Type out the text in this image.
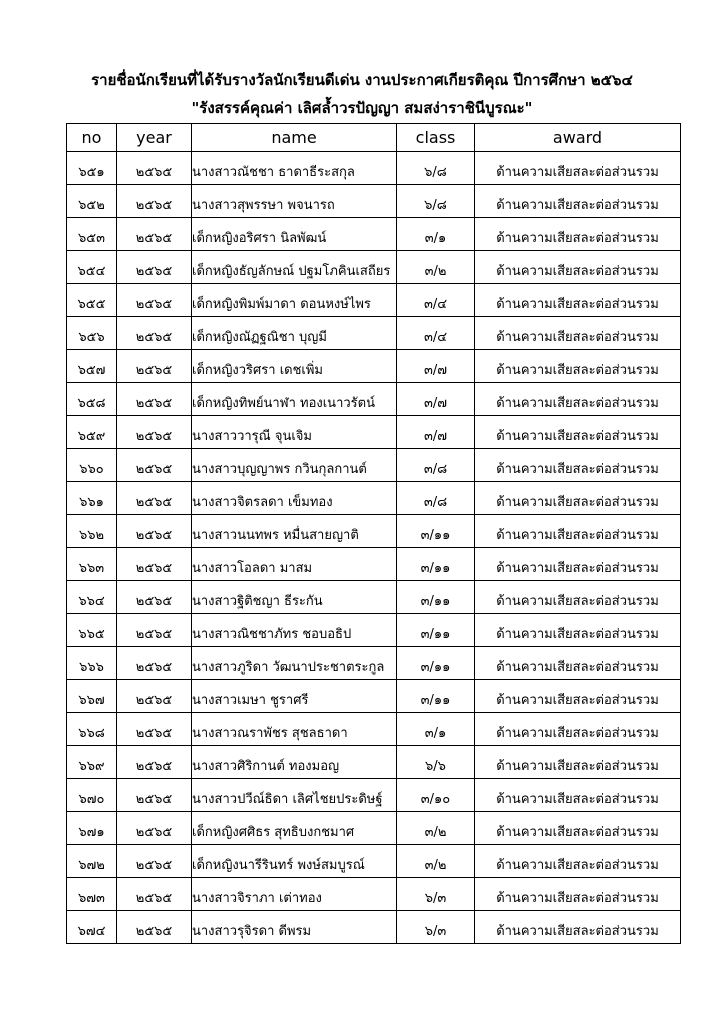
รายชื่อนักเรียนที่ได้รับรางวัลนักเรียนดีเด่น งานประกาศเกียรติคุณ ปีการศึกษา ๒๕๖๔
"รังสรรค์คุณค่า เลิศล้ำวรปัญญา สมสง่าราชินีบูรณะ"
no	year	name	class	award
๖๕๑	๒๕๖๕	นางสาวณัชชา ธาดาธีระสกุล	๖/๘	ด้านความเสียสละต่อส่วนรวม
๖๕๒	๒๕๖๕	นางสาวสุพรรษา พจนารถ	๖/๘	ด้านความเสียสละต่อส่วนรวม
๖๕๓	๒๕๖๕	เด็กหญิงอริศรา นิลพัฒน์	๓/๑	ด้านความเสียสละต่อส่วนรวม
๖๕๔	๒๕๖๕	เด็กหญิงธัญลักษณ์ ปฐมโภคินเสถียร	๓/๒	ด้านความเสียสละต่อส่วนรวม
๖๕๕	๒๕๖๕	เด็กหญิงพิมพ์มาดา ดอนหงษ์ไพร	๓/๔	ด้านความเสียสละต่อส่วนรวม
๖๕๖	๒๕๖๕	เด็กหญิงณัฏฐณิชา บุญมี	๓/๔	ด้านความเสียสละต่อส่วนรวม
๖๕๗	๒๕๖๕	เด็กหญิงวริศรา เดชเพิ่ม	๓/๗	ด้านความเสียสละต่อส่วนรวม
๖๕๘	๒๕๖๕	เด็กหญิงทิพย์นาฬา ทองเนาวรัตน์	๓/๗	ด้านความเสียสละต่อส่วนรวม
๖๕๙	๒๕๖๕	นางสาววารุณี จุนเจิม	๓/๗	ด้านความเสียสละต่อส่วนรวม
๖๖๐	๒๕๖๕	นางสาวบุญญาพร กวินกุลกานต์	๓/๘	ด้านความเสียสละต่อส่วนรวม
๖๖๑	๒๕๖๕	นางสาวจิตรลดา เข็มทอง	๓/๘	ด้านความเสียสละต่อส่วนรวม
๖๖๒	๒๕๖๕	นางสาวนนทพร หมื่นสายญาติ	๓/๑๑	ด้านความเสียสละต่อส่วนรวม
๖๖๓	๒๕๖๕	นางสาวโอลดา มาสม	๓/๑๑	ด้านความเสียสละต่อส่วนรวม
๖๖๔	๒๕๖๕	นางสาวฐิติชญา ธีระกัน	๓/๑๑	ด้านความเสียสละต่อส่วนรวม
๖๖๕	๒๕๖๕	นางสาวณิชชาภัทร ชอบอธิป	๓/๑๑	ด้านความเสียสละต่อส่วนรวม
๖๖๖	๒๕๖๕	นางสาวภูริดา วัฒนาประชาตระกูล	๓/๑๑	ด้านความเสียสละต่อส่วนรวม
๖๖๗	๒๕๖๕	นางสาวเมษา ชูราศรี	๓/๑๑	ด้านความเสียสละต่อส่วนรวม
๖๖๘	๒๕๖๕	นางสาวณราพัชร สุชลธาดา	๓/๑	ด้านความเสียสละต่อส่วนรวม
๖๖๙	๒๕๖๕	นางสาวศิริกานต์ ทองมอญ	๖/๖	ด้านความเสียสละต่อส่วนรวม
๖๗๐	๒๕๖๕	นางสาวปวีณ์ธิดา เลิศไชยประดิษฐ์	๓/๑๐	ด้านความเสียสละต่อส่วนรวม
๖๗๑	๒๕๖๕	เด็กหญิงศศิธร สุทธิบงกชมาศ	๓/๒	ด้านความเสียสละต่อส่วนรวม
๖๗๒	๒๕๖๕	เด็กหญิงนารีรินทร์ พงษ์สมบูรณ์	๓/๒	ด้านความเสียสละต่อส่วนรวม
๖๗๓	๒๕๖๕	นางสาวจิราภา เต่าทอง	๖/๓	ด้านความเสียสละต่อส่วนรวม
๖๗๔	๒๕๖๕	นางสาวรุจิรดา ดีพรม	๖/๓	ด้านความเสียสละต่อส่วนรวม
